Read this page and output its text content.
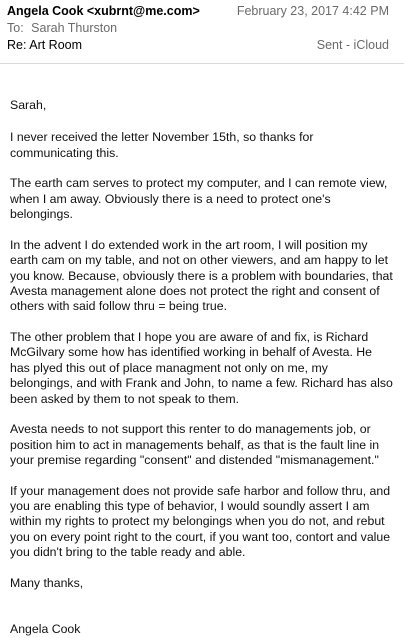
Angela Cook <xubrnt@me.com>	February 23, 2017 4:42 PM
To: Sarah Thurston
Re: Art Room	Sent - iCloud

Sarah,

I never received the letter November 15th, so thanks for communicating this.

The earth cam serves to protect my computer, and I can remote view, when I am away. Obviously there is a need to protect one's belongings.

In the advent I do extended work in the art room, I will position my earth cam on my table, and not on other viewers, and am happy to let you know. Because, obviously there is a problem with boundaries, that Avesta management alone does not protect the right and consent of others with said follow thru = being true.

The other problem that I hope you are aware of and fix, is Richard McGilvary some how has identified working in behalf of Avesta. He has plyed this out of place managment not only on me, my belongings, and with Frank and John, to name a few. Richard has also been asked by them to not speak to them.

Avesta needs to not support this renter to do managements job, or position him to act in managements behalf, as that is the fault line in your premise regarding "consent" and distended "mismanagement."

If your management does not provide safe harbor and follow thru, and you are enabling this type of behavior, I would soundly assert I am within my rights to protect my belongings when you do not, and rebut you on every point right to the court, if you want too, contort and value you didn't bring to the table ready and able.

Many thanks,

Angela Cook
